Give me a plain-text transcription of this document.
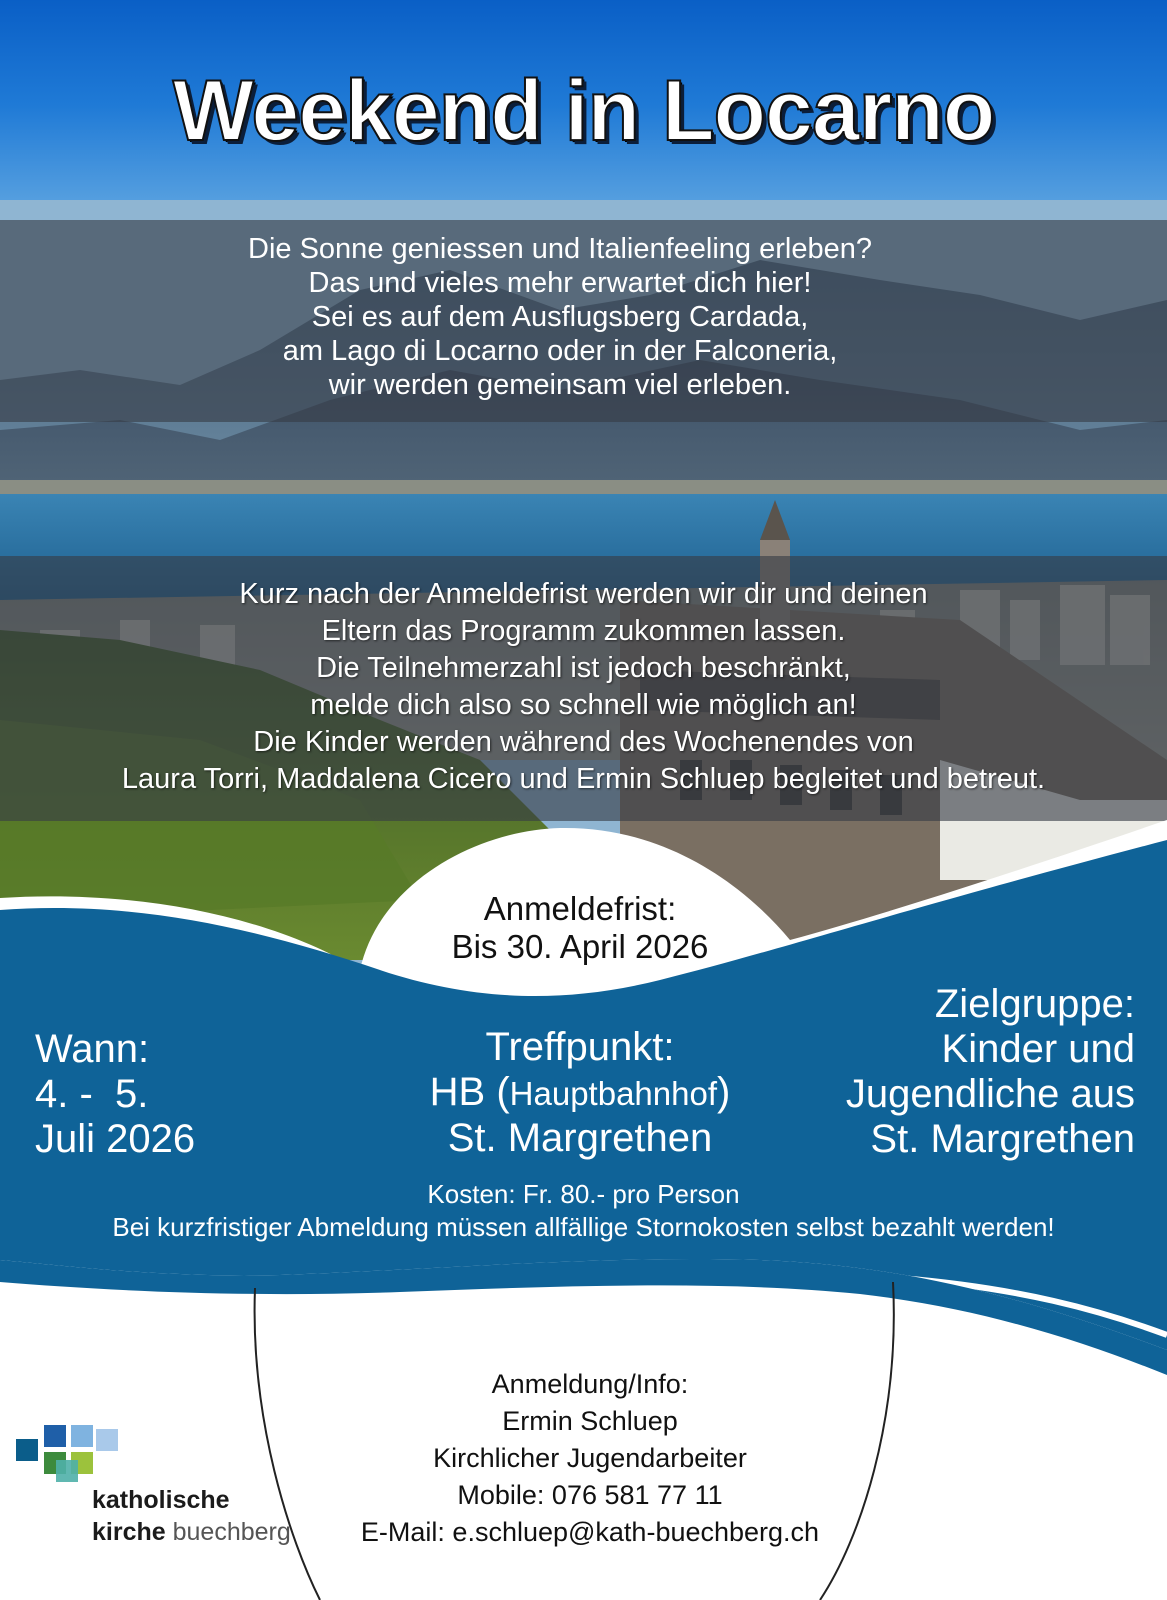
Weekend in Locarno
Die Sonne geniessen und Italienfeeling erleben?
Das und vieles mehr erwartet dich hier!
Sei es auf dem Ausflugsberg Cardada,
am Lago di Locarno oder in der Falconeria,
wir werden gemeinsam viel erleben.
Kurz nach der Anmeldefrist werden wir dir und deinen
Eltern das Programm zukommen lassen.
Die Teilnehmerzahl ist jedoch beschränkt,
melde dich also so schnell wie möglich an!
Die Kinder werden während des Wochenendes von
Laura Torri, Maddalena Cicero und Ermin Schluep begleitet und betreut.
Anmeldefrist:
Bis 30. April 2026
Wann:
4. -  5.
Juli 2026
Treffpunkt:
HB (Hauptbahnhof)
St. Margrethen
Zielgruppe:
Kinder und
Jugendliche aus
St. Margrethen
Kosten: Fr. 80.- pro Person
Bei kurzfristiger Abmeldung müssen allfällige Stornokosten selbst bezahlt werden!
Anmeldung/Info:
Ermin Schluep
Kirchlicher Jugendarbeiter
Mobile: 076 581 77 11
E-Mail: e.schluep@kath-buechberg.ch
katholische
kirche buechberg
